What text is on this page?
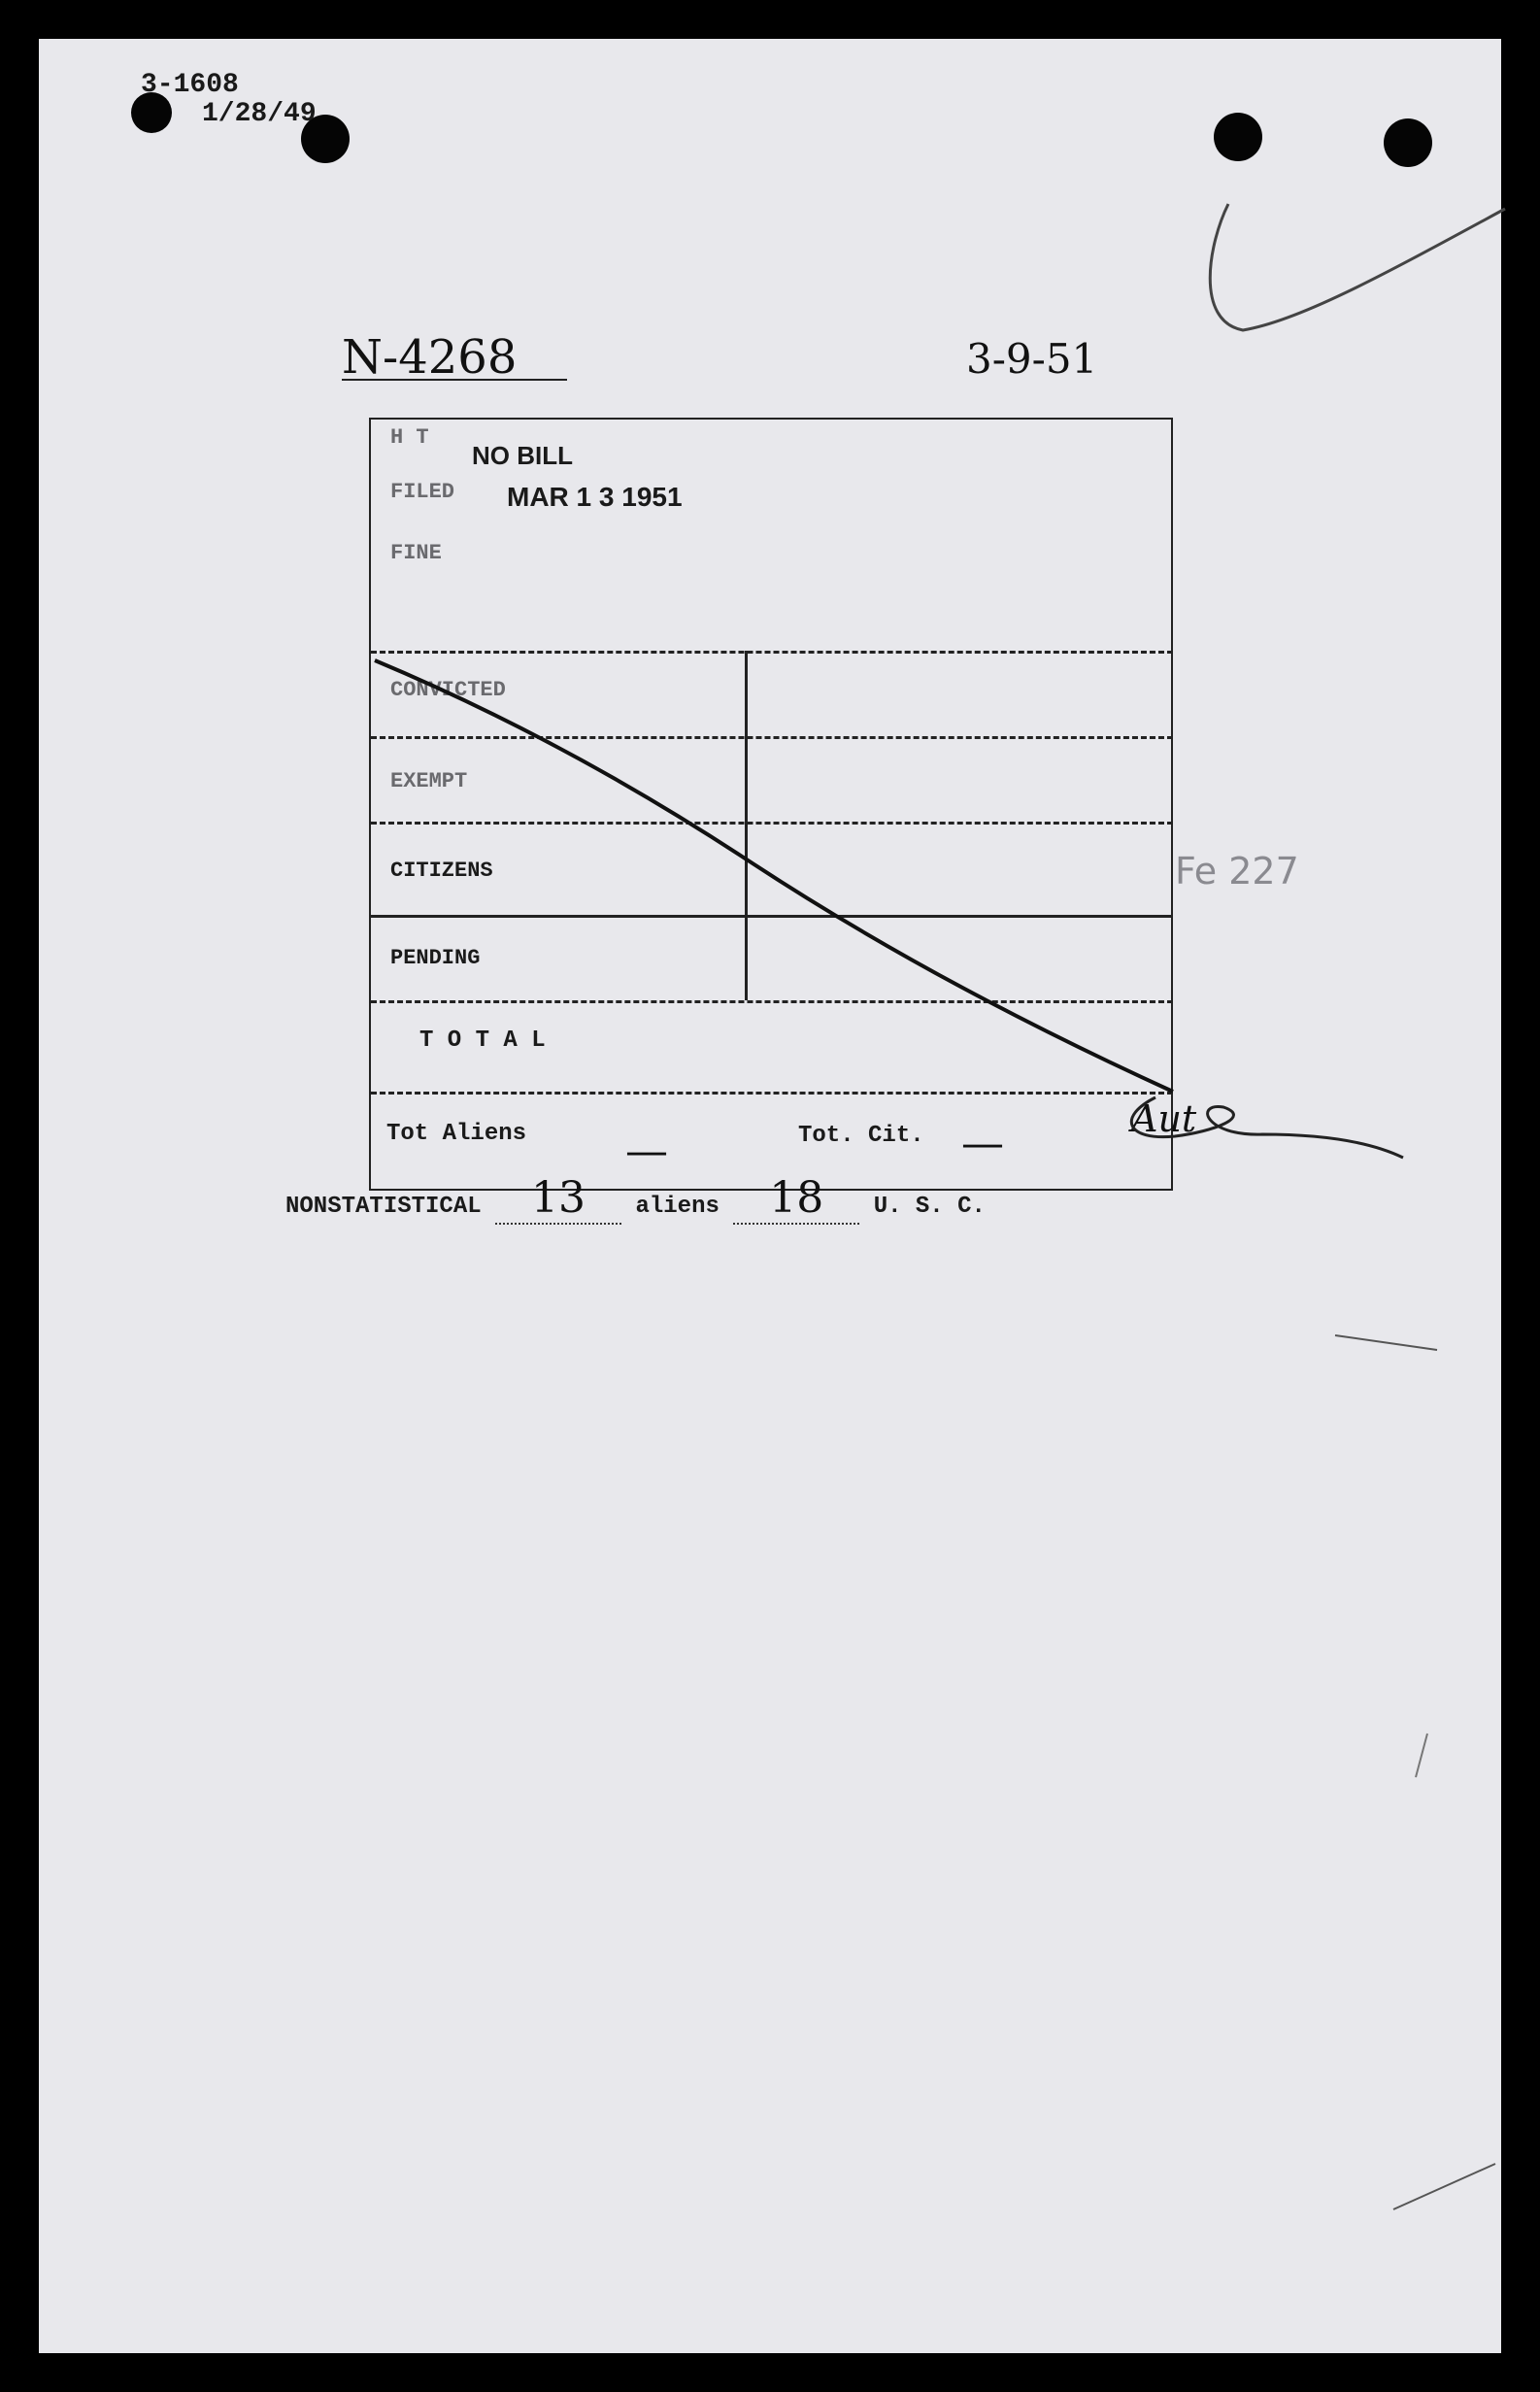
3-1608
1/28/49
N-4268	3-9-51
H T
NO BILL
FILED MAR 1 3 1951
FINE
CONVICTED
EXEMPT
CITIZENS
PENDING
T O T A L
Tot Aliens —	Tot. Cit. —
Fe 227
Aut
NONSTATISTICAL 13 aliens 18 U. S. C.
